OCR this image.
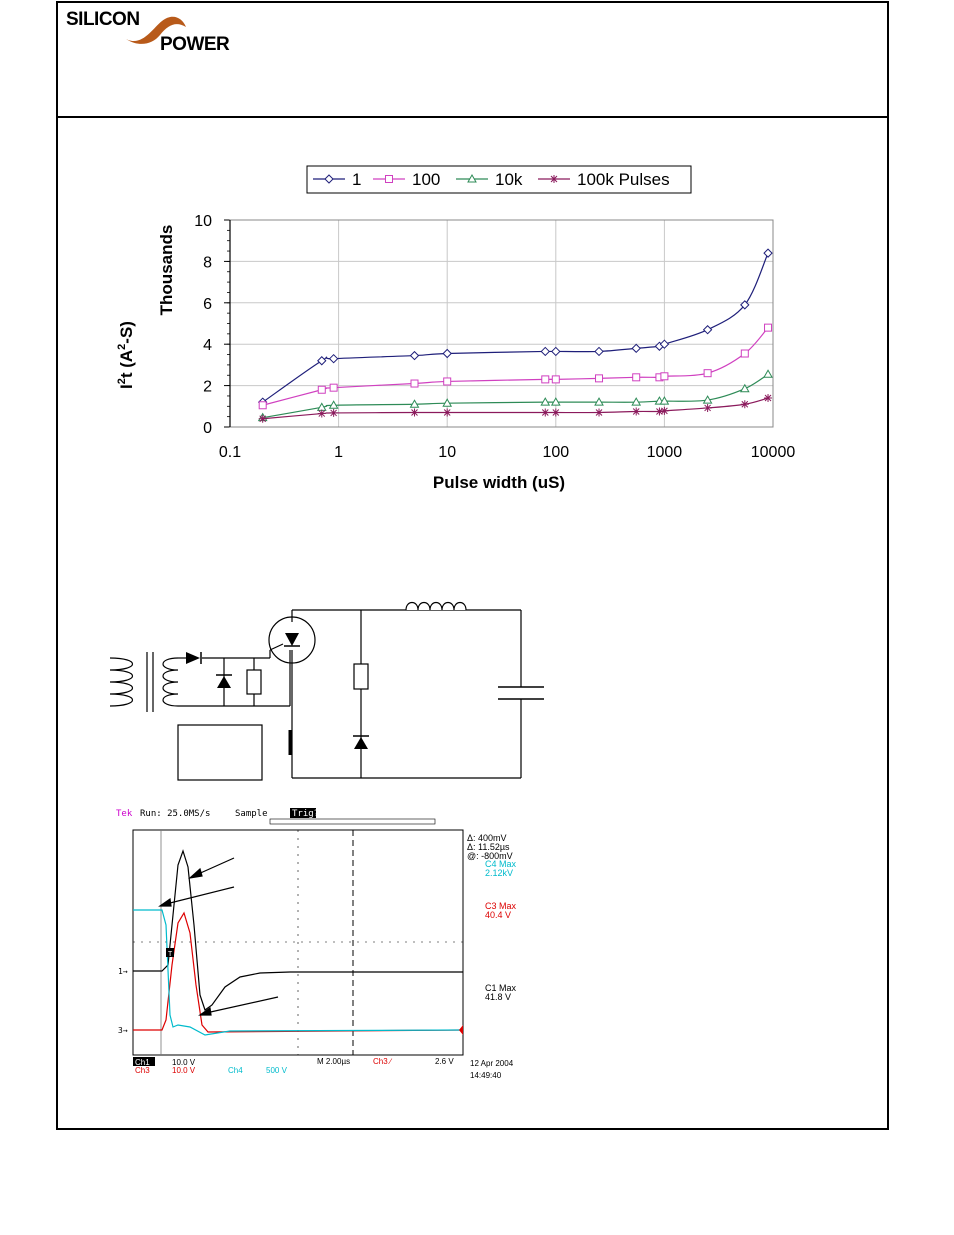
SILICON
POWER
1	100	10k	100k Pulses
0.1	1	10	100	1000	10000
0
2
4
6
8
10
Pulse width (uS)
$I^2t$ $(A^2-S)$
Thousands
Tek Run: 25.0MS/s	Sample	Trig?
1→
3→
T
Δ: 400mV
Δ: 11.52µs
@: -800mV
C4 Max
2.12kV
C3 Max
40.4 V
C1 Max
41.8 V
Ch1	10.0 V
Ch3	10.0 V	Ch4	500 V
M 2.00µs	Ch3 ∕	2.6 V 12 Apr 2004
14:49:40
